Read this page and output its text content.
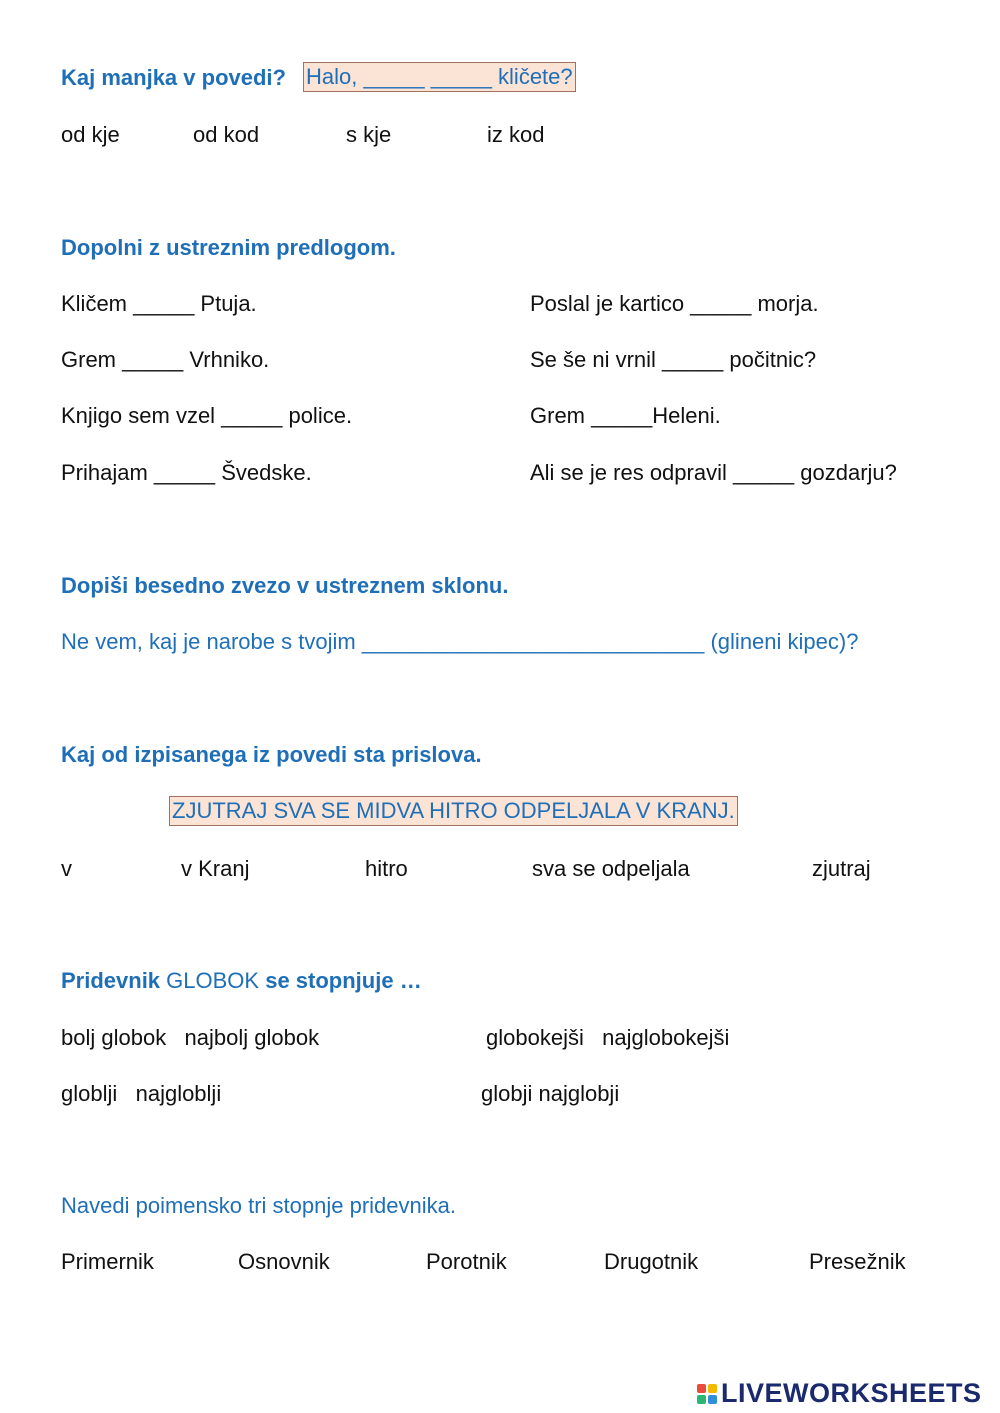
Kaj manjka v povedi? Halo, _____ _____ kličete?
od kje	od kod	s kje	iz kod
Dopolni z ustreznim predlogom.
Kličem _____ Ptuja.
Grem _____ Vrhniko.
Knjigo sem vzel _____ police.
Prihajam _____ Švedske.
Poslal je kartico _____ morja.
Se še ni vrnil _____ počitnic?
Grem _____Heleni.
Ali se je res odpravil _____ gozdarju?
Dopiši besedno zvezo v ustreznem sklonu.
Ne vem, kaj je narobe s tvojim ____________________________ (glineni kipec)?
Kaj od izpisanega iz povedi sta prislova.
ZJUTRAJ SVA SE MIDVA HITRO ODPELJALA V KRANJ.
v	v Kranj	hitro	sva se odpeljala	zjutraj
Pridevnik GLOBOK se stopnjuje …
bolj globok   najbolj globok	globokejši   najglobokejši
globlji   najgloblji	globji najglobji
Navedi poimensko tri stopnje pridevnika.
Primernik	Osnovnik	Porotnik	Drugotnik	Presežnik
LIVEWORKSHEETS
